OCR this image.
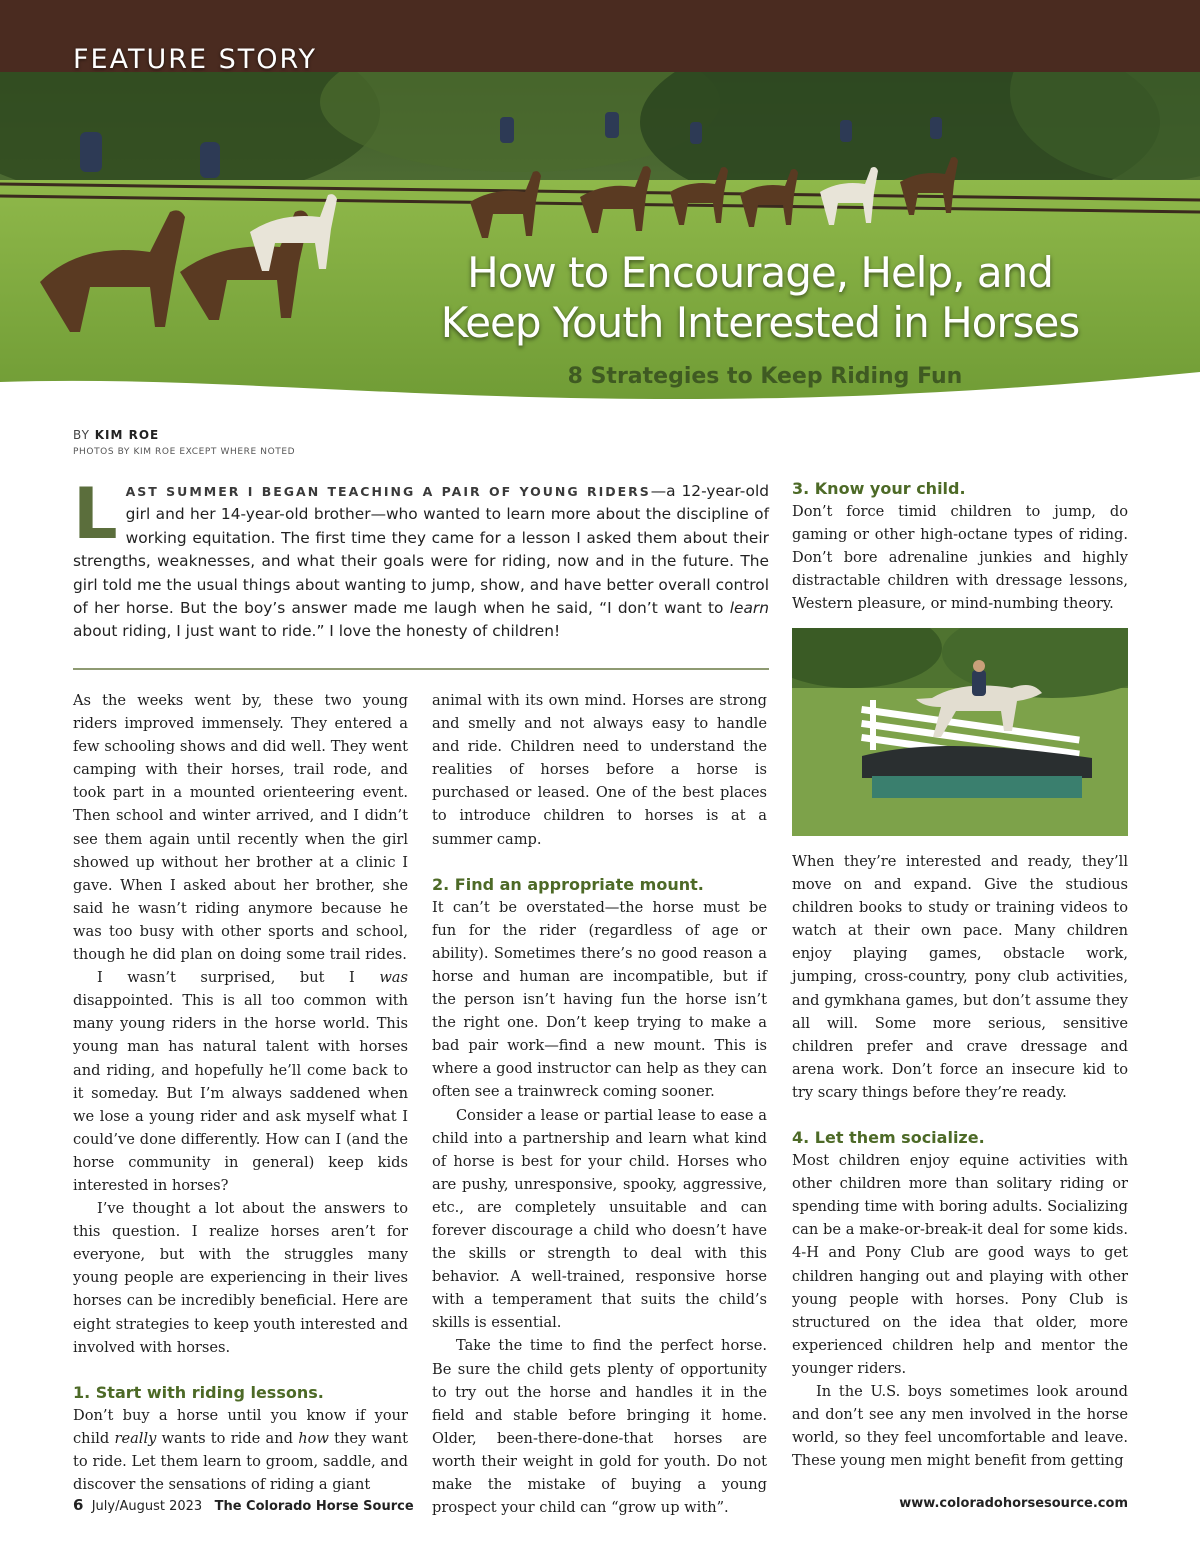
FEATURE STORY
How to Encourage, Help, and
Keep Youth Interested in Horses
8 Strategies to Keep Riding Fun
BY KIM ROE
PHOTOS BY KIM ROE EXCEPT WHERE NOTED
LAST SUMMER I BEGAN TEACHING A PAIR OF YOUNG RIDERS—a 12-year-old girl and her 14-year-old brother—who wanted to learn more about the discipline of working equitation. The first time they came for a lesson I asked them about their strengths, weaknesses, and what their goals were for riding, now and in the future. The girl told me the usual things about wanting to jump, show, and have better overall control of her horse. But the boy’s answer made me laugh when he said, “I don’t want to learn about riding, I just want to ride.” I love the honesty of children!

As the weeks went by, these two young riders improved immensely. They entered a few schooling shows and did well. They went camping with their horses, trail rode, and took part in a mounted orienteering event. Then school and winter arrived, and I didn’t see them again until recently when the girl showed up without her brother at a clinic I gave. When I asked about her brother, she said he wasn’t riding anymore because he was too busy with other sports and school, though he did plan on doing some trail rides.

I wasn’t surprised, but I was disappointed. This is all too common with many young riders in the horse world. This young man has natural talent with horses and riding, and hopefully he’ll come back to it someday. But I’m always saddened when we lose a young rider and ask myself what I could’ve done differently. How can I (and the horse community in general) keep kids interested in horses?

I’ve thought a lot about the answers to this question. I realize horses aren’t for everyone, but with the struggles many young people are experiencing in their lives horses can be incredibly beneficial. Here are eight strategies to keep youth interested and involved with horses.

1. Start with riding lessons.

Don’t buy a horse until you know if your child really wants to ride and how they want to ride. Let them learn to groom, saddle, and discover the sensations of riding a giant

animal with its own mind. Horses are strong and smelly and not always easy to handle and ride. Children need to understand the realities of horses before a horse is purchased or leased. One of the best places to introduce children to horses is at a summer camp.

2. Find an appropriate mount.

It can’t be overstated—the horse must be fun for the rider (regardless of age or ability). Sometimes there’s no good reason a horse and human are incompatible, but if the person isn’t having fun the horse isn’t the right one. Don’t keep trying to make a bad pair work—find a new mount. This is where a good instructor can help as they can often see a trainwreck coming sooner.

Consider a lease or partial lease to ease a child into a partnership and learn what kind of horse is best for your child. Horses who are pushy, unresponsive, spooky, aggressive, etc., are completely unsuitable and can forever discourage a child who doesn’t have the skills or strength to deal with this behavior. A well-trained, responsive horse with a temperament that suits the child’s skills is essential.

Take the time to find the perfect horse. Be sure the child gets plenty of opportunity to try out the horse and handles it in the field and stable before bringing it home. Older, been-there-done-that horses are worth their weight in gold for youth. Do not make the mistake of buying a young prospect your child can “grow up with”.

3. Know your child.

Don’t force timid children to jump, do gaming or other high-octane types of riding. Don’t bore adrenaline junkies and highly distractable children with dressage lessons, Western pleasure, or mind-numbing theory.

When they’re interested and ready, they’ll move on and expand. Give the studious children books to study or training videos to watch at their own pace. Many children enjoy playing games, obstacle work, jumping, cross-country, pony club activities, and gymkhana games, but don’t assume they all will. Some more serious, sensitive children prefer and crave dressage and arena work. Don’t force an insecure kid to try scary things before they’re ready.

4. Let them socialize.

Most children enjoy equine activities with other children more than solitary riding or spending time with boring adults. Socializing can be a make-or-break-it deal for some kids. 4-H and Pony Club are good ways to get children hanging out and playing with other young people with horses. Pony Club is structured on the idea that older, more experienced children help and mentor the younger riders.

In the U.S. boys sometimes look around and don’t see any men involved in the horse world, so they feel uncomfortable and leave. These young men might benefit from getting

6 July/August 2023 The Colorado Horse Source	www.coloradohorsesource.com
